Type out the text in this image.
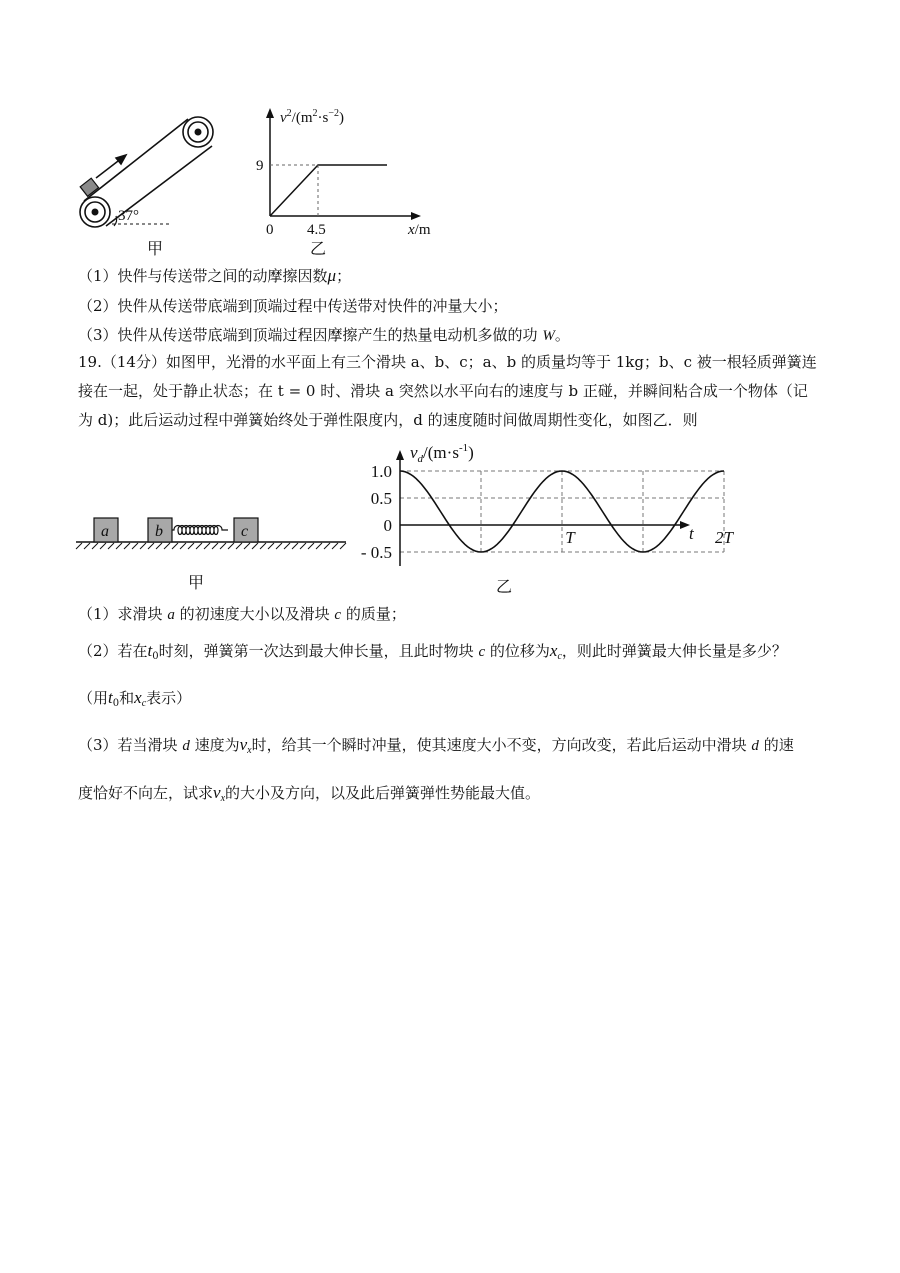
37°
甲
$v^2/(m^2\cdot s^{-2})$
9
0 4.5	x/m
乙
（1）快件与传送带之间的动摩擦因数μ；
（2）快件从传送带底端到顶端过程中传送带对快件的冲量大小；
（3）快件从传送带底端到顶端过程因摩擦产生的热量电动机多做的功 W。
19.（14分）如图甲，光滑的水平面上有三个滑块 a、b、c；a、b 的质量均等于 1kg；b、c 被一根轻质弹簧连
接在一起，处于静止状态；在 t = 0 时、滑块 a 突然以水平向右的速度与 b 正碰，并瞬间粘合成一个物体（记
为 d)；此后运动过程中弹簧始终处于弹性限度内，d 的速度随时间做周期性变化，如图乙．则
a	b	c
甲
1.0
0.5
0
- 0.5
T	2T
$v_d/(m\cdot s^{-1})$
t
乙
（1）求滑块 a 的初速度大小以及滑块 c 的质量；
（2）若在$t_0$时刻，弹簧第一次达到最大伸长量，且此时物块 c 的位移为$x_c$，则此时弹簧最大伸长量是多少？
（用$t_0$和$x_c$表示）
（3）若当滑块 d 速度为$v_x$时，给其一个瞬时冲量，使其速度大小不变，方向改变，若此后运动中滑块 d 的速
度恰好不向左，试求$v_x$的大小及方向，以及此后弹簧弹性势能最大值。
